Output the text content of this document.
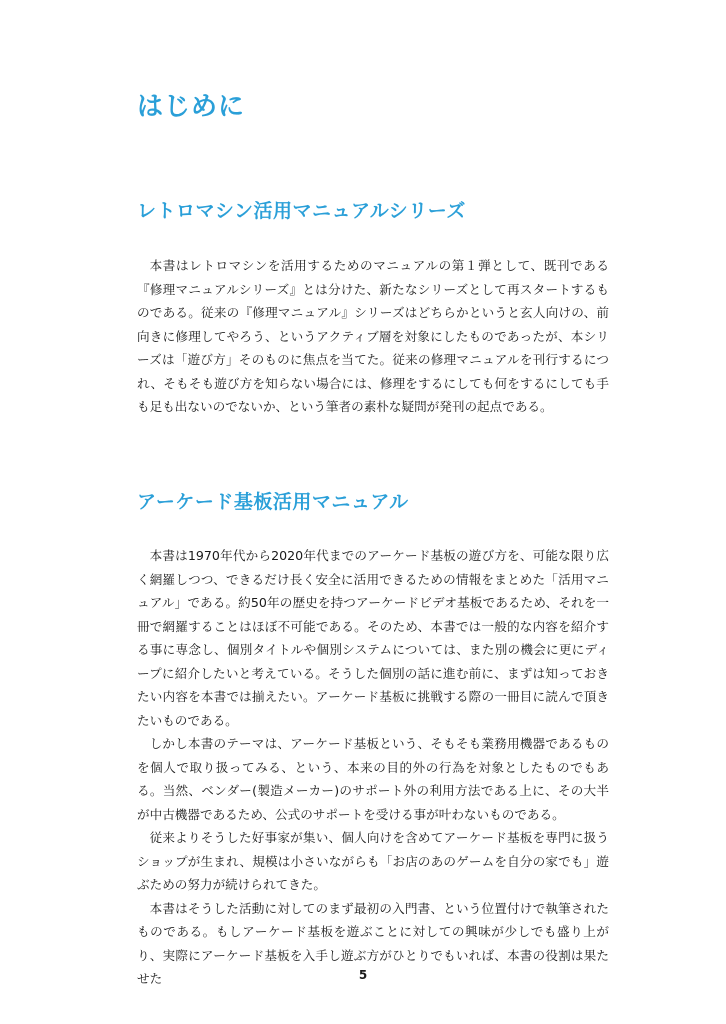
はじめに
レトロマシン活用マニュアルシリーズ

本書はレトロマシンを活用するためのマニュアルの第１弾として、既刊である『修理マニュアルシリーズ』とは分けた、新たなシリーズとして再スタートするものである。従来の『修理マニュアル』シリーズはどちらかというと玄人向けの、前向きに修理してやろう、というアクティブ層を対象にしたものであったが、本シリーズは「遊び方」そのものに焦点を当てた。従来の修理マニュアルを刊行するにつれ、そもそも遊び方を知らない場合には、修理をするにしても何をするにしても手も足も出ないのでないか、という筆者の素朴な疑問が発刊の起点である。

アーケード基板活用マニュアル

本書は1970年代から2020年代までのアーケード基板の遊び方を、可能な限り広く網羅しつつ、できるだけ長く安全に活用できるための情報をまとめた「活用マニュアル」である。約50年の歴史を持つアーケードビデオ基板であるため、それを一冊で網羅することはほぼ不可能である。そのため、本書では一般的な内容を紹介する事に専念し、個別タイトルや個別システムについては、また別の機会に更にディープに紹介したいと考えている。そうした個別の話に進む前に、まずは知っておきたい内容を本書では揃えたい。アーケード基板に挑戦する際の一冊目に読んで頂きたいものである。

しかし本書のテーマは、アーケード基板という、そもそも業務用機器であるものを個人で取り扱ってみる、という、本来の目的外の行為を対象としたものでもある。当然、ベンダー(製造メーカー)のサポート外の利用方法である上に、その大半が中古機器であるため、公式のサポートを受ける事が叶わないものである。

従来よりそうした好事家が集い、個人向けを含めてアーケード基板を専門に扱うショップが生まれ、規模は小さいながらも「お店のあのゲームを自分の家でも」遊ぶための努力が続けられてきた。

本書はそうした活動に対してのまず最初の入門書、という位置付けで執筆されたものである。もしアーケード基板を遊ぶことに対しての興味が少しでも盛り上がり、実際にアーケード基板を入手し遊ぶ方がひとりでもいれば、本書の役割は果たせた	5
